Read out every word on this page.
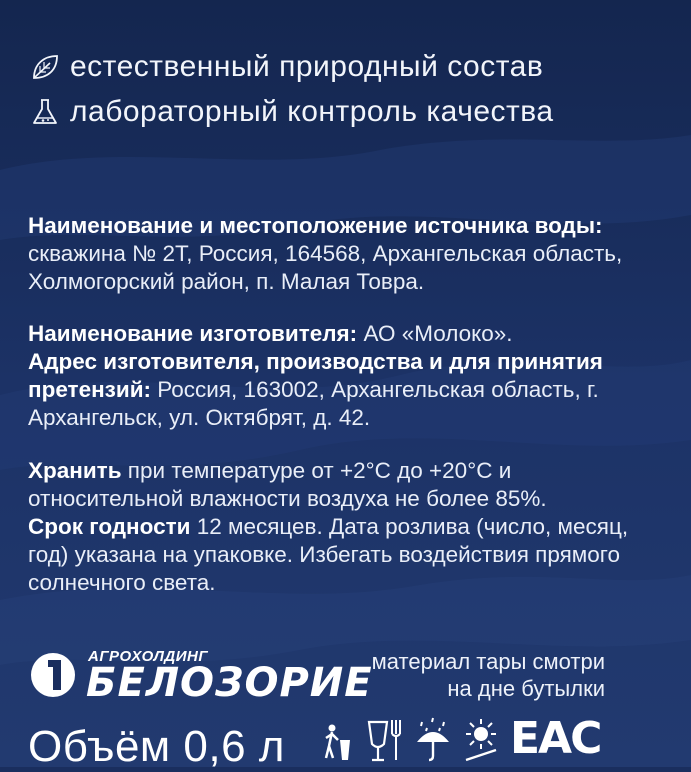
естественный природный состав
лабораторный контроль качества

Наименование и местоположение источника воды: скважина № 2Т, Россия, 164568, Архангельская область, Холмогорский район, п. Малая Товра.

Наименование изготовителя: АО «Молоко».
Адрес изготовителя, производства и для принятия претензий: Россия, 163002, Архангельская область, г. Архангельск, ул. Октябрят, д. 42.

Хранить при температуре от +2°С до +20°С и относительной влажности воздуха не более 85%.
Срок годности 12 месяцев. Дата розлива (число, месяц, год) указана на упаковке. Избегать воздействия прямого солнечного света.

АГРОХОЛДИНГ
БЕЛОЗОРИЕ материал тары смотри
на дне бутылки
Объём 0,6 л	ЕАС
